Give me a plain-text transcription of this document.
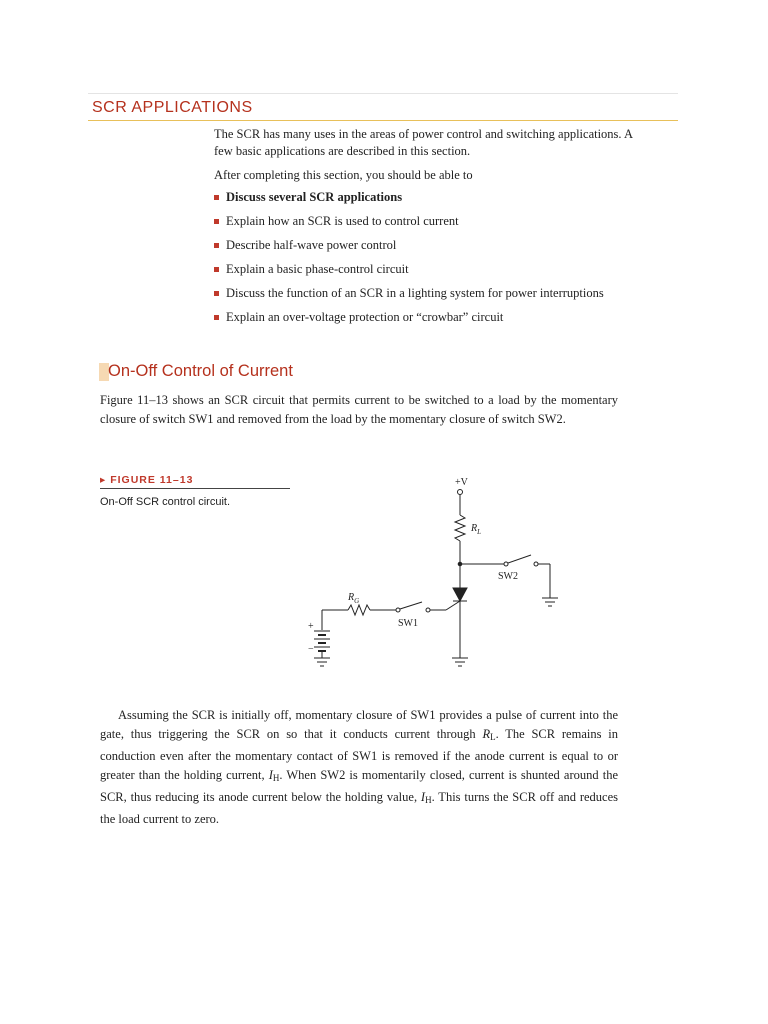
SCR APPLICATIONS

The SCR has many uses in the areas of power control and switching applications. A few basic applications are described in this section.

After completing this section, you should be able to

Discuss several SCR applications
Explain how an SCR is used to control current
Describe half-wave power control
Explain a basic phase-control circuit
Discuss the function of an SCR in a lighting system for power interruptions
Explain an over-voltage protection or “crowbar” circuit
On-Off Control of Current

Figure 11–13 shows an SCR circuit that permits current to be switched to a load by the momentary closure of switch SW1 and removed from the load by the momentary closure of switch SW2.

▸ FIGURE 11–13
On-Off SCR control circuit.
+V
$R_L$
SW2
SW1
$R_G$
+
−

Assuming the SCR is initially off, momentary closure of SW1 provides a pulse of current into the gate, thus triggering the SCR on so that it conducts current through $R_L$. The SCR remains in conduction even after the momentary contact of SW1 is removed if the anode current is equal to or greater than the holding current, $I_H$. When SW2 is momentarily closed, current is shunted around the SCR, thus reducing its anode current below the holding value, $I_H$. This turns the SCR off and reduces the load current to zero.
